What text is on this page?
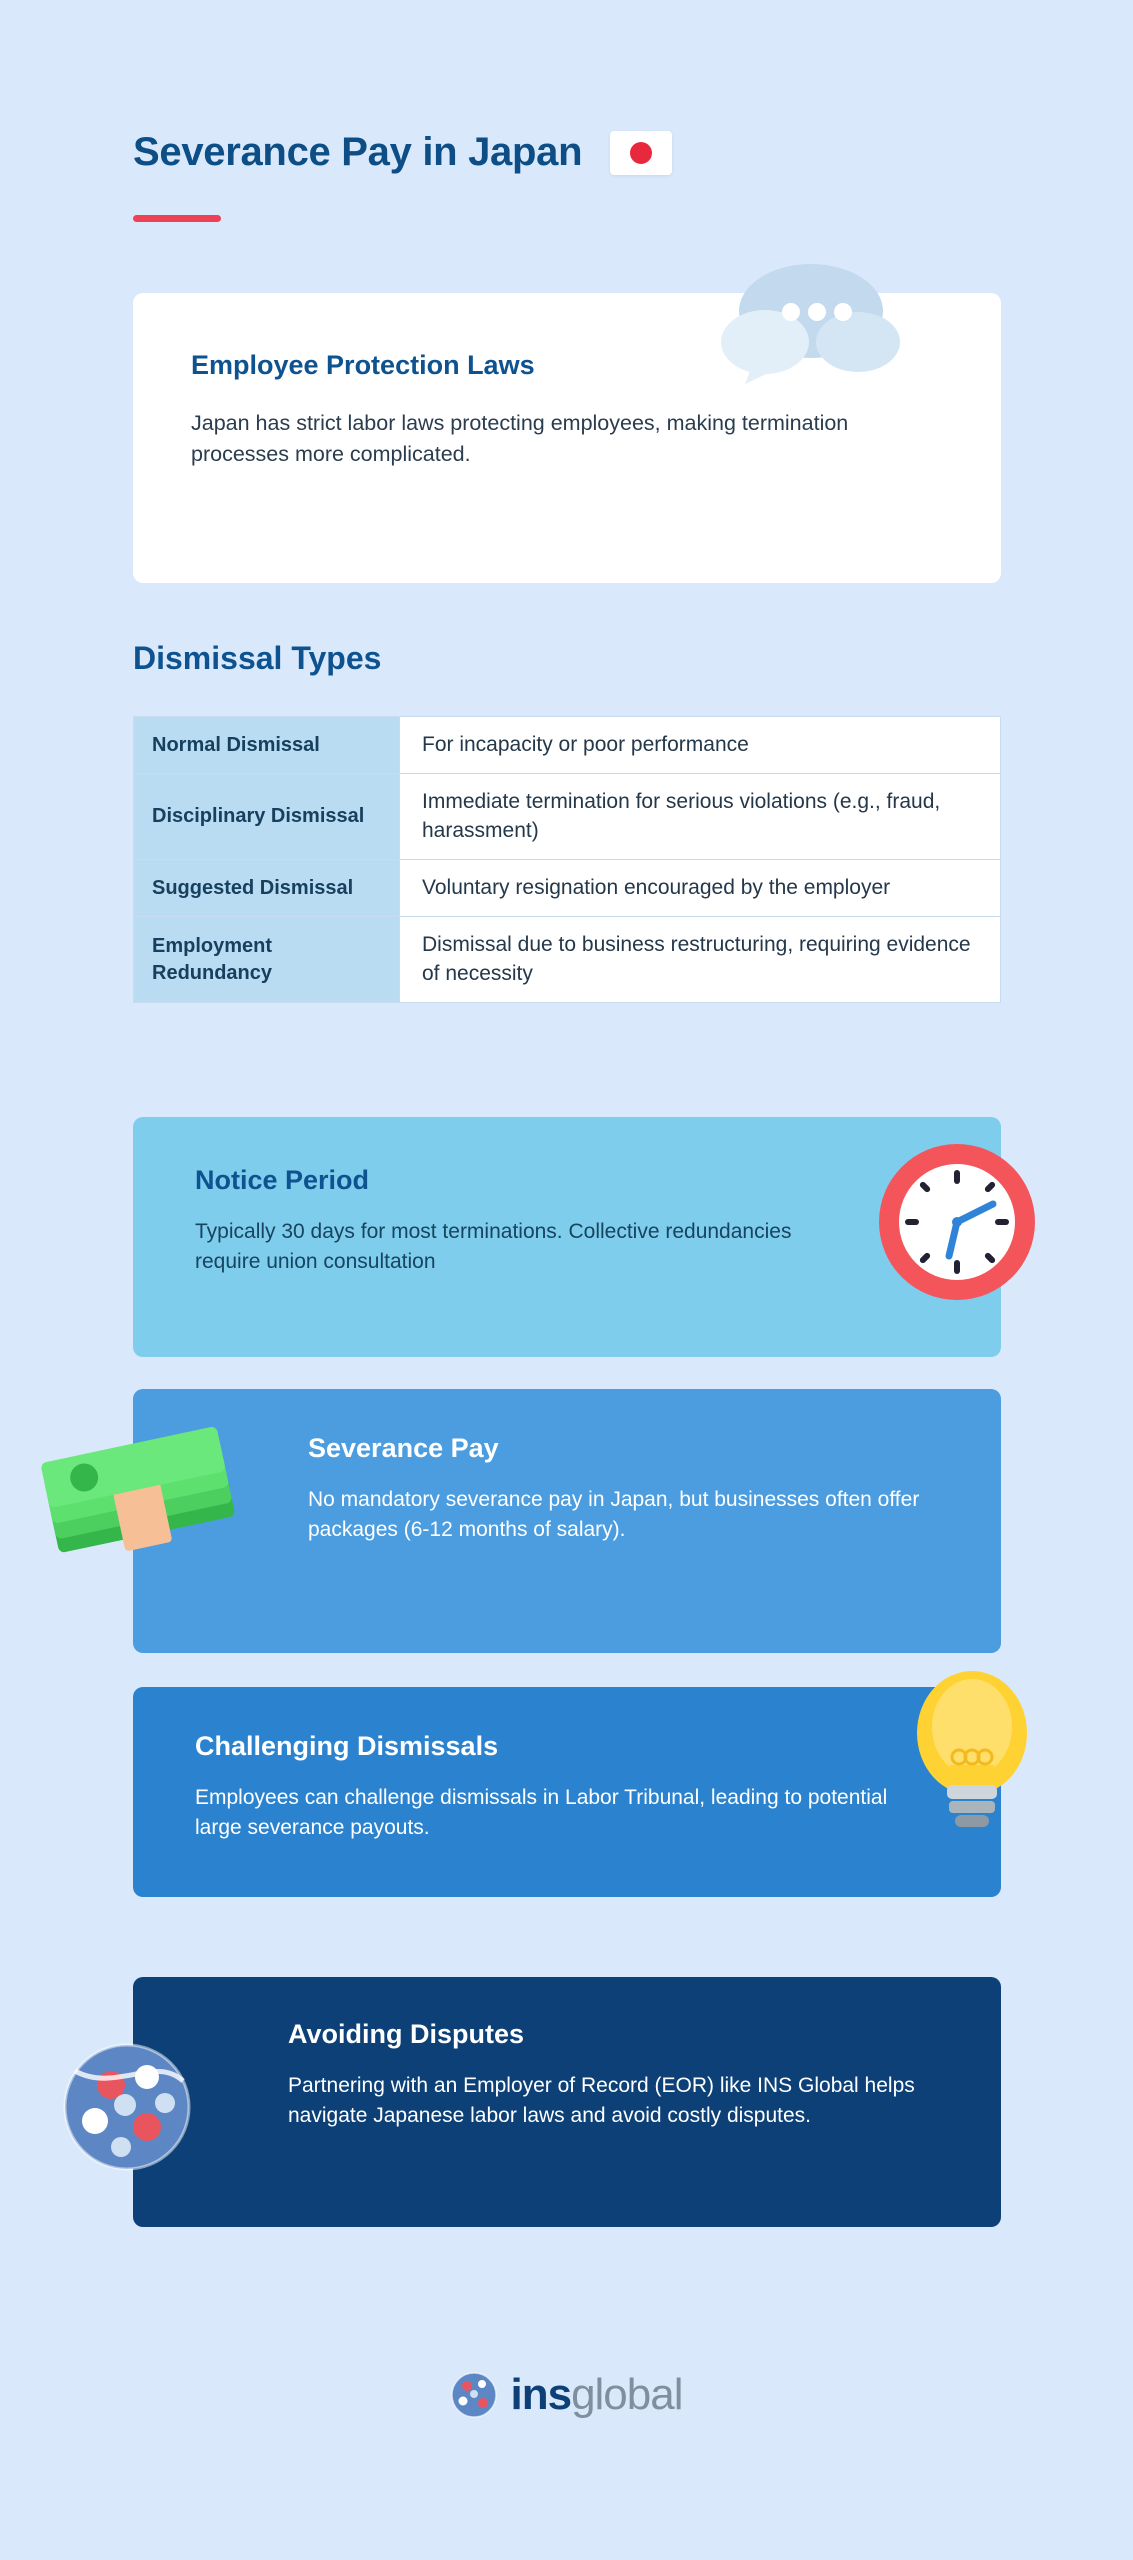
Severance Pay in Japan
Employee Protection Laws

Japan has strict labor laws protecting employees, making termination processes more complicated.

Dismissal Types
Normal Dismissal	For incapacity or poor performance
Disciplinary Dismissal	Immediate termination for serious violations (e.g., fraud, harassment)
Suggested Dismissal	Voluntary resignation encouraged by the employer
Employment Redundancy	Dismissal due to business restructuring, requiring evidence of necessity
Notice Period

Typically 30 days for most terminations. Collective redundancies require union consultation

Severance Pay

No mandatory severance pay in Japan, but businesses often offer packages (6-12 months of salary).

Challenging Dismissals

Employees can challenge dismissals in Labor Tribunal, leading to potential large severance payouts.

Avoiding Disputes

Partnering with an Employer of Record (EOR) like INS Global helps navigate Japanese labor laws and avoid costly disputes.

insglobal
